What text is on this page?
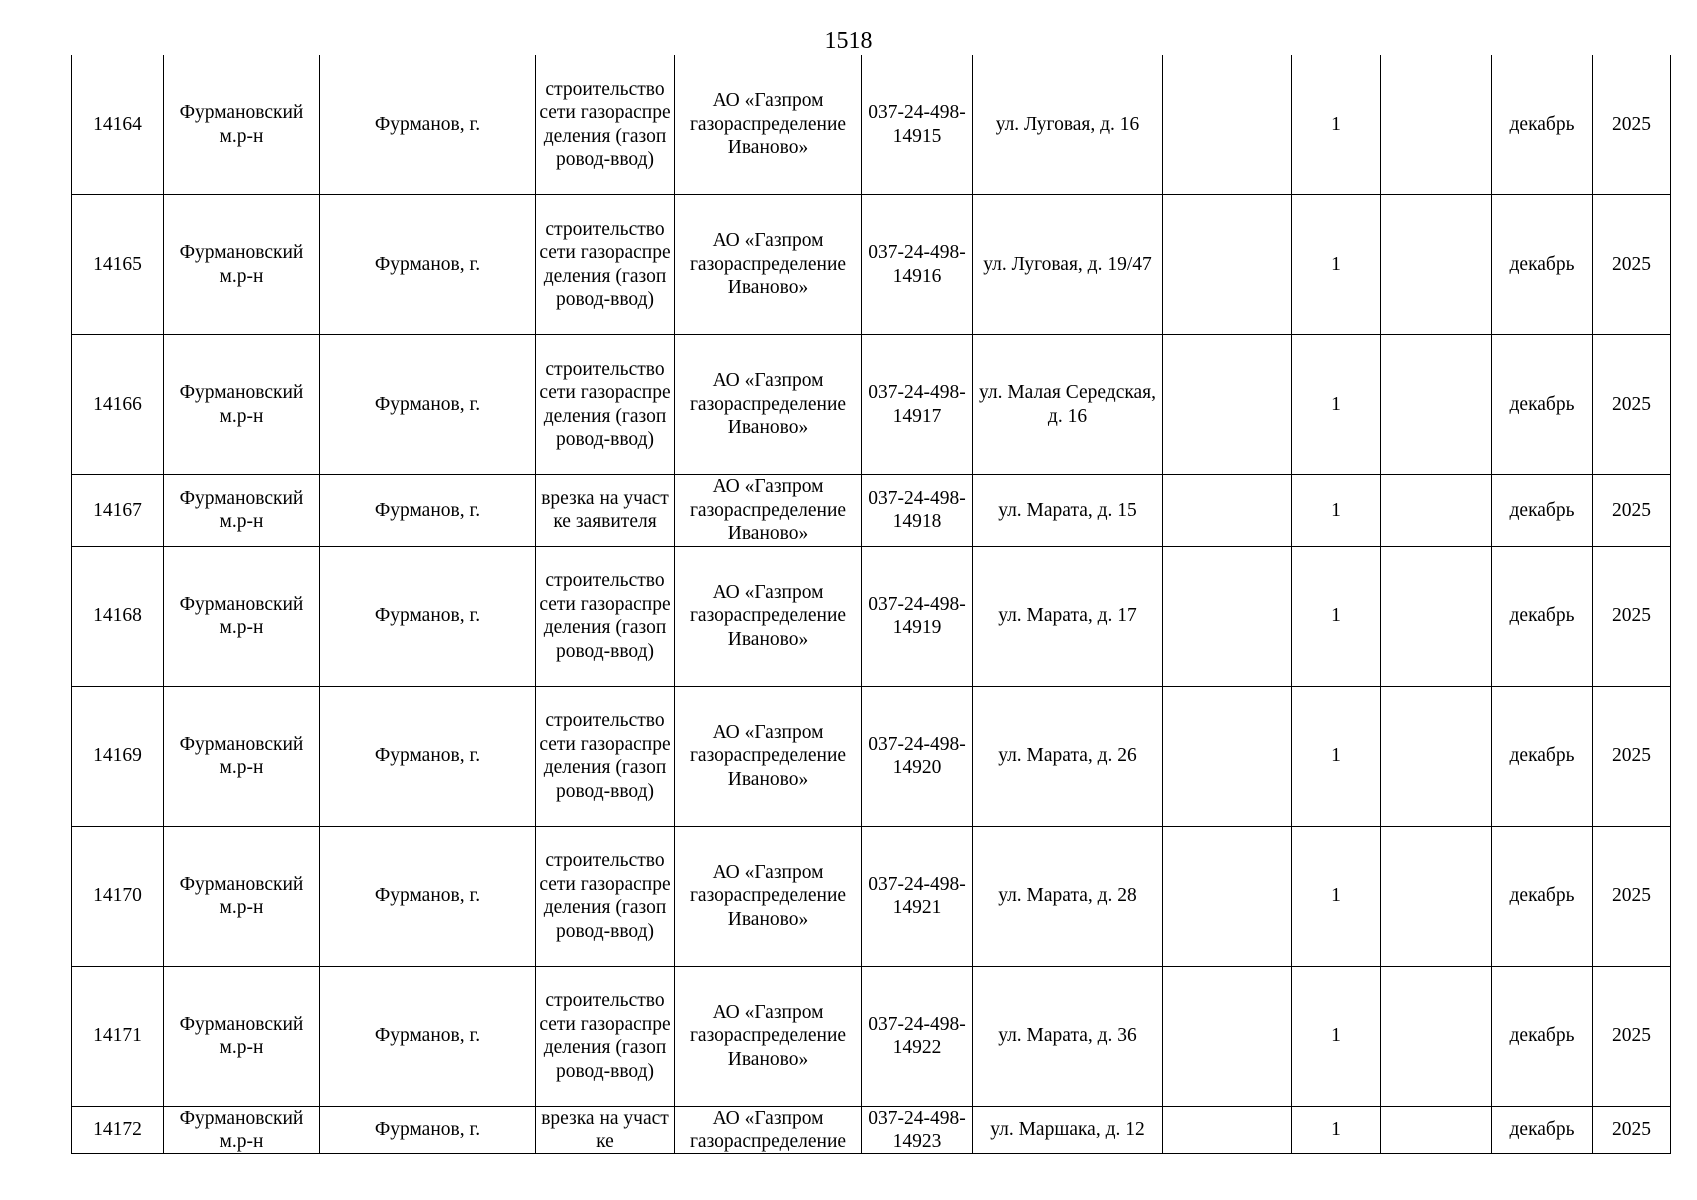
1518
14164	Фурмановский м.р-н	Фурманов, г.	строительство сети газораспределения (газопровод-ввод)	АО «Газпром газораспределение Иваново»	037-24-498-14915	ул. Луговая, д. 16		1		декабрь	2025
14165	Фурмановский м.р-н	Фурманов, г.	строительство сети газораспределения (газопровод-ввод)	АО «Газпром газораспределение Иваново»	037-24-498-14916	ул. Луговая, д. 19/47		1		декабрь	2025
14166	Фурмановский м.р-н	Фурманов, г.	строительство сети газораспределения (газопровод-ввод)	АО «Газпром газораспределение Иваново»	037-24-498-14917	ул. Малая Середская, д. 16		1		декабрь	2025
14167	Фурмановский м.р-н	Фурманов, г.	врезка на участке заявителя	АО «Газпром газораспределение Иваново»	037-24-498-14918	ул. Марата, д. 15		1		декабрь	2025
14168	Фурмановский м.р-н	Фурманов, г.	строительство сети газораспределения (газопровод-ввод)	АО «Газпром газораспределение Иваново»	037-24-498-14919	ул. Марата, д. 17		1		декабрь	2025
14169	Фурмановский м.р-н	Фурманов, г.	строительство сети газораспределения (газопровод-ввод)	АО «Газпром газораспределение Иваново»	037-24-498-14920	ул. Марата, д. 26		1		декабрь	2025
14170	Фурмановский м.р-н	Фурманов, г.	строительство сети газораспределения (газопровод-ввод)	АО «Газпром газораспределение Иваново»	037-24-498-14921	ул. Марата, д. 28		1		декабрь	2025
14171	Фурмановский м.р-н	Фурманов, г.	строительство сети газораспределения (газопровод-ввод)	АО «Газпром газораспределение Иваново»	037-24-498-14922	ул. Марата, д. 36		1		декабрь	2025
14172	Фурмановский м.р-н	Фурманов, г.	врезка на участке	АО «Газпром газораспределение	037-24-498-14923	ул. Маршака, д. 12		1		декабрь	2025
